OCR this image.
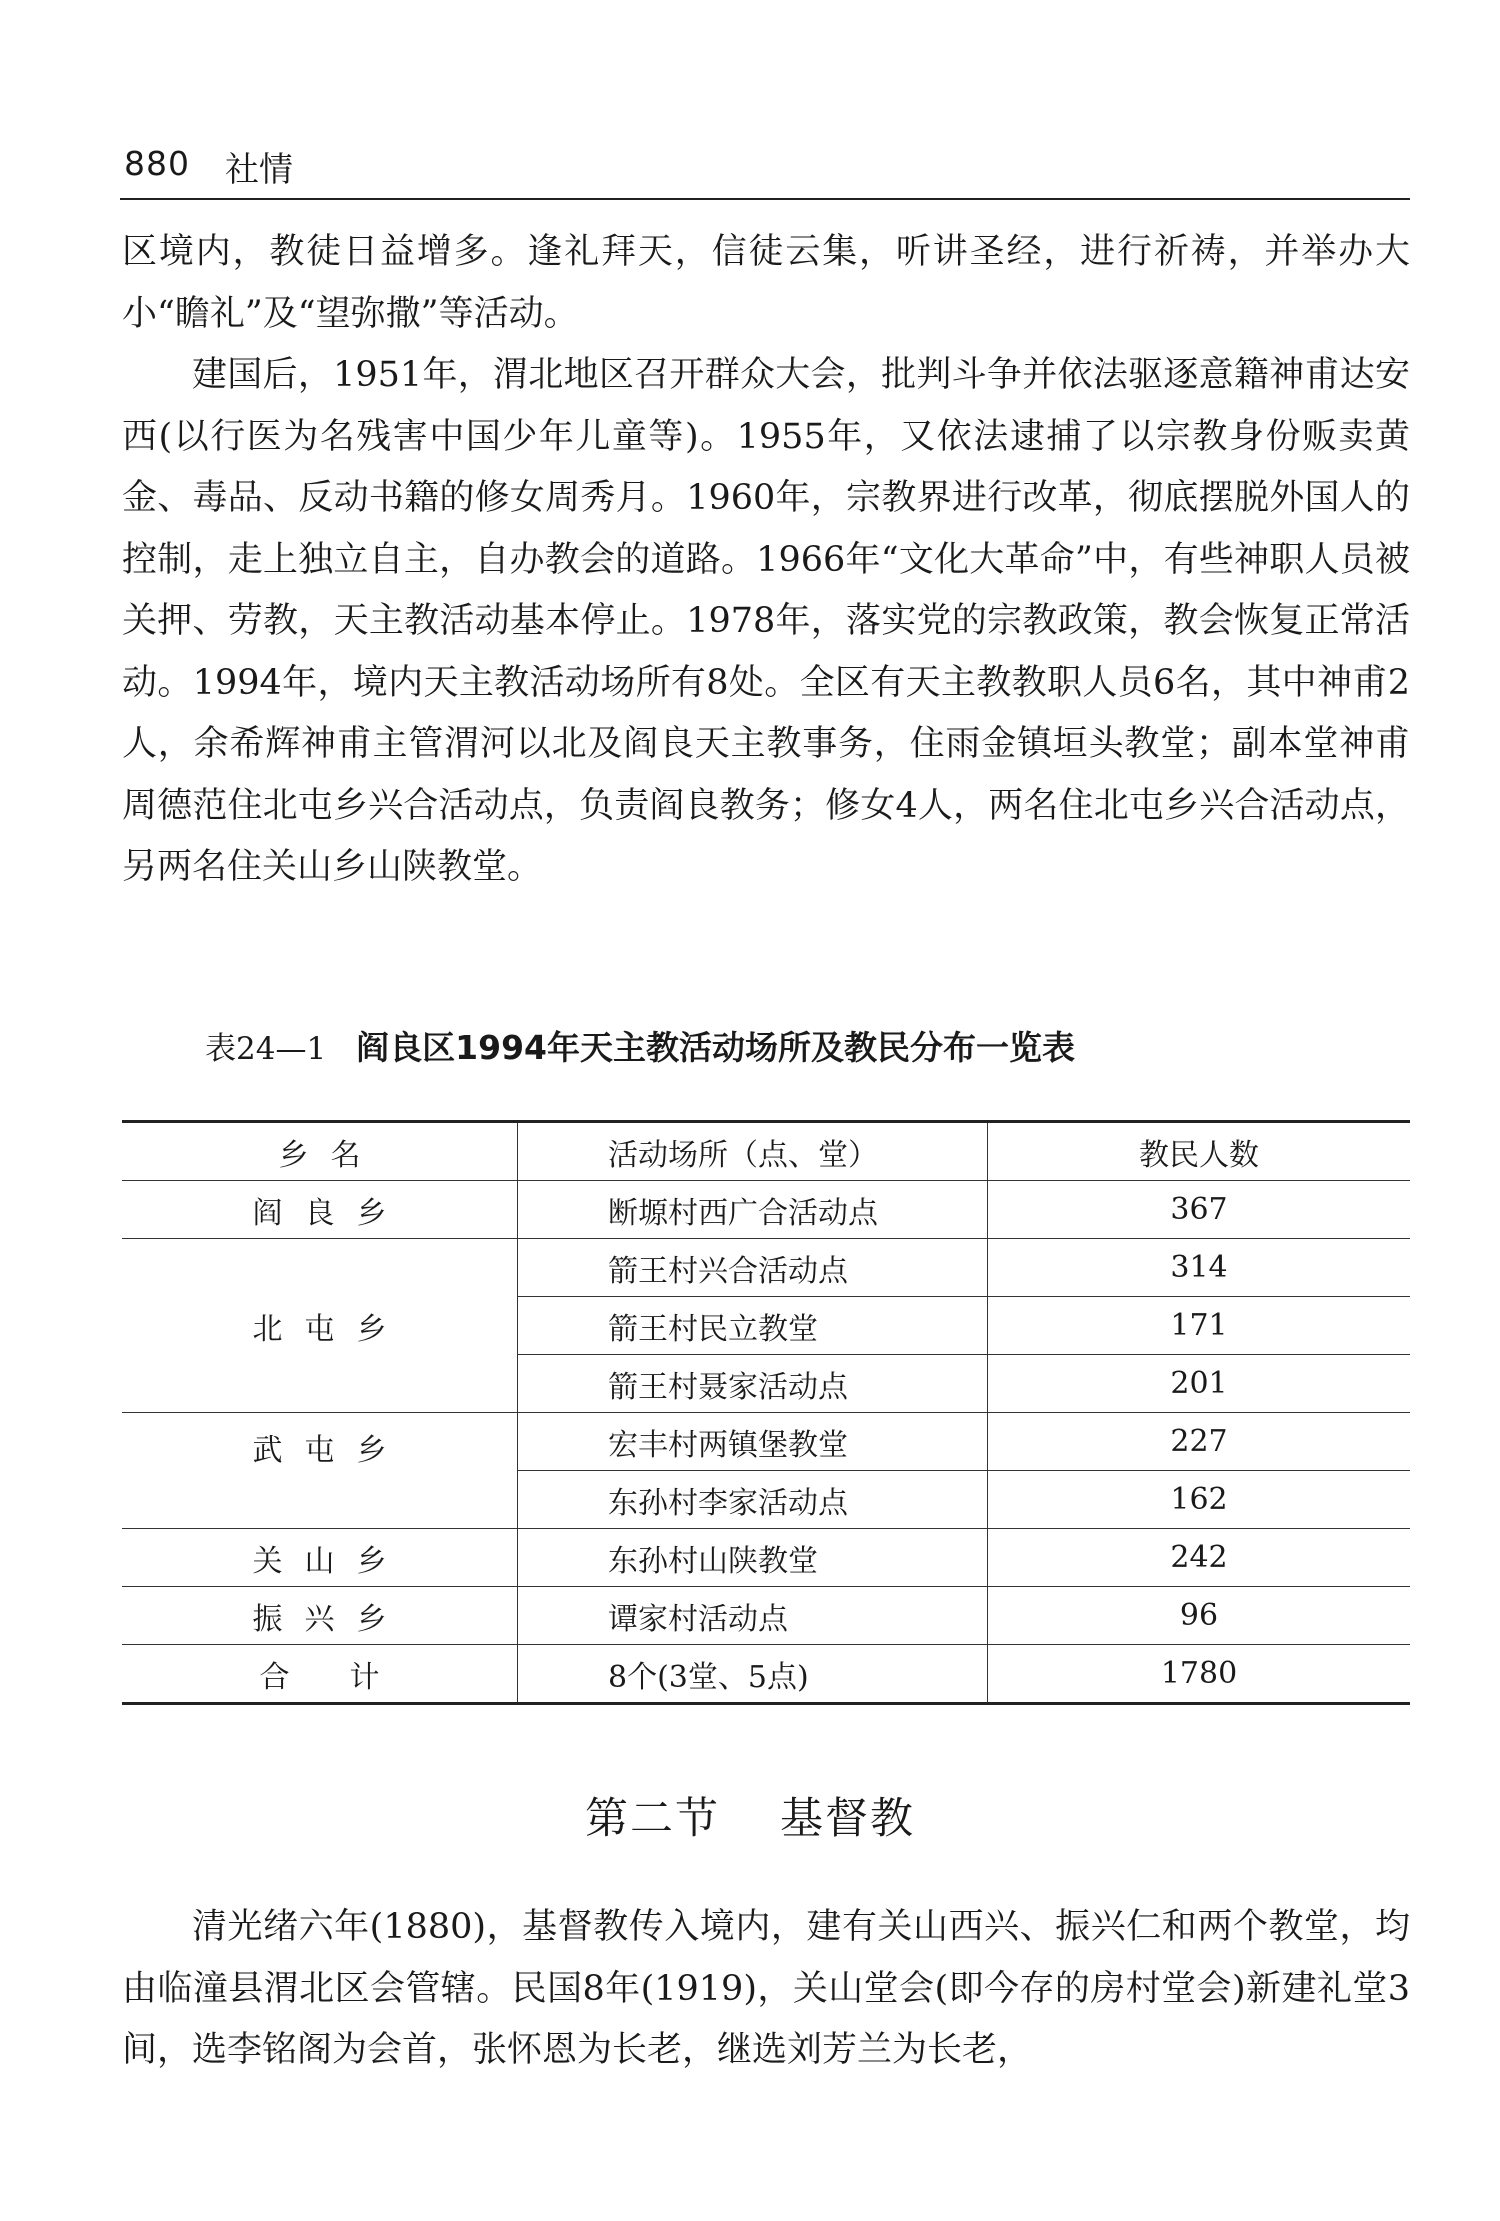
880 社情

区境内，教徒日益增多。逢礼拜天，信徒云集，听讲圣经，进行祈祷，并举办大小“瞻礼”及“望弥撒”等活动。

建国后，1951年，渭北地区召开群众大会，批判斗争并依法驱逐意籍神甫达安西(以行医为名残害中国少年儿童等)。1955年，又依法逮捕了以宗教身份贩卖黄金、毒品、反动书籍的修女周秀月。1960年，宗教界进行改革，彻底摆脱外国人的控制，走上独立自主，自办教会的道路。1966年“文化大革命”中，有些神职人员被关押、劳教，天主教活动基本停止。1978年，落实党的宗教政策，教会恢复正常活动。1994年，境内天主教活动场所有8处。全区有天主教教职人员6名，其中神甫2人，余希辉神甫主管渭河以北及阎良天主教事务，住雨金镇垣头教堂；副本堂神甫周德范住北屯乡兴合活动点，负责阎良教务；修女4人，两名住北屯乡兴合活动点，另两名住关山乡山陕教堂。

表24—1 阎良区1994年天主教活动场所及教民分布一览表

乡名	活动场所（点、堂）	教民人数
阎良乡	断塬村西广合活动点	367
北屯乡	箭王村兴合活动点	314
	箭王村民立教堂	171
	箭王村聂家活动点	201
武屯乡	宏丰村两镇堡教堂	227
	东孙村李家活动点	162
关山乡	东孙村山陕教堂	242
振兴乡	谭家村活动点	96
合计	8个(3堂、5点)	1780
第二节 基督教

清光绪六年(1880)，基督教传入境内，建有关山西兴、振兴仁和两个教堂，均由临潼县渭北区会管辖。民国8年(1919)，关山堂会(即今存的房村堂会)新建礼堂3间，选李铭阁为会首，张怀恩为长老，继选刘芳兰为长老，
